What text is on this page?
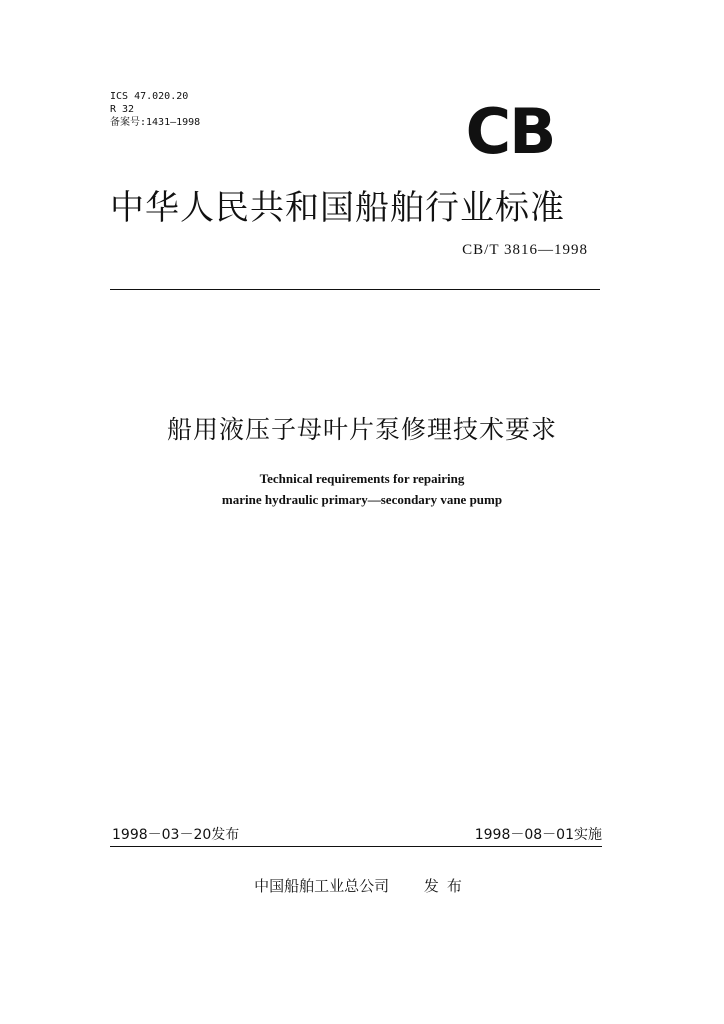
ICS 47.020.20
R 32
备案号:1431—1998	CB
中华人民共和国船舶行业标准
CB/T 3816—1998
船用液压子母叶片泵修理技术要求
Technical requirements for repairing
marine hydraulic primary—secondary vane pump
1998－03－20发布	1998－08－01实施
中国船舶工业总公司 发布
